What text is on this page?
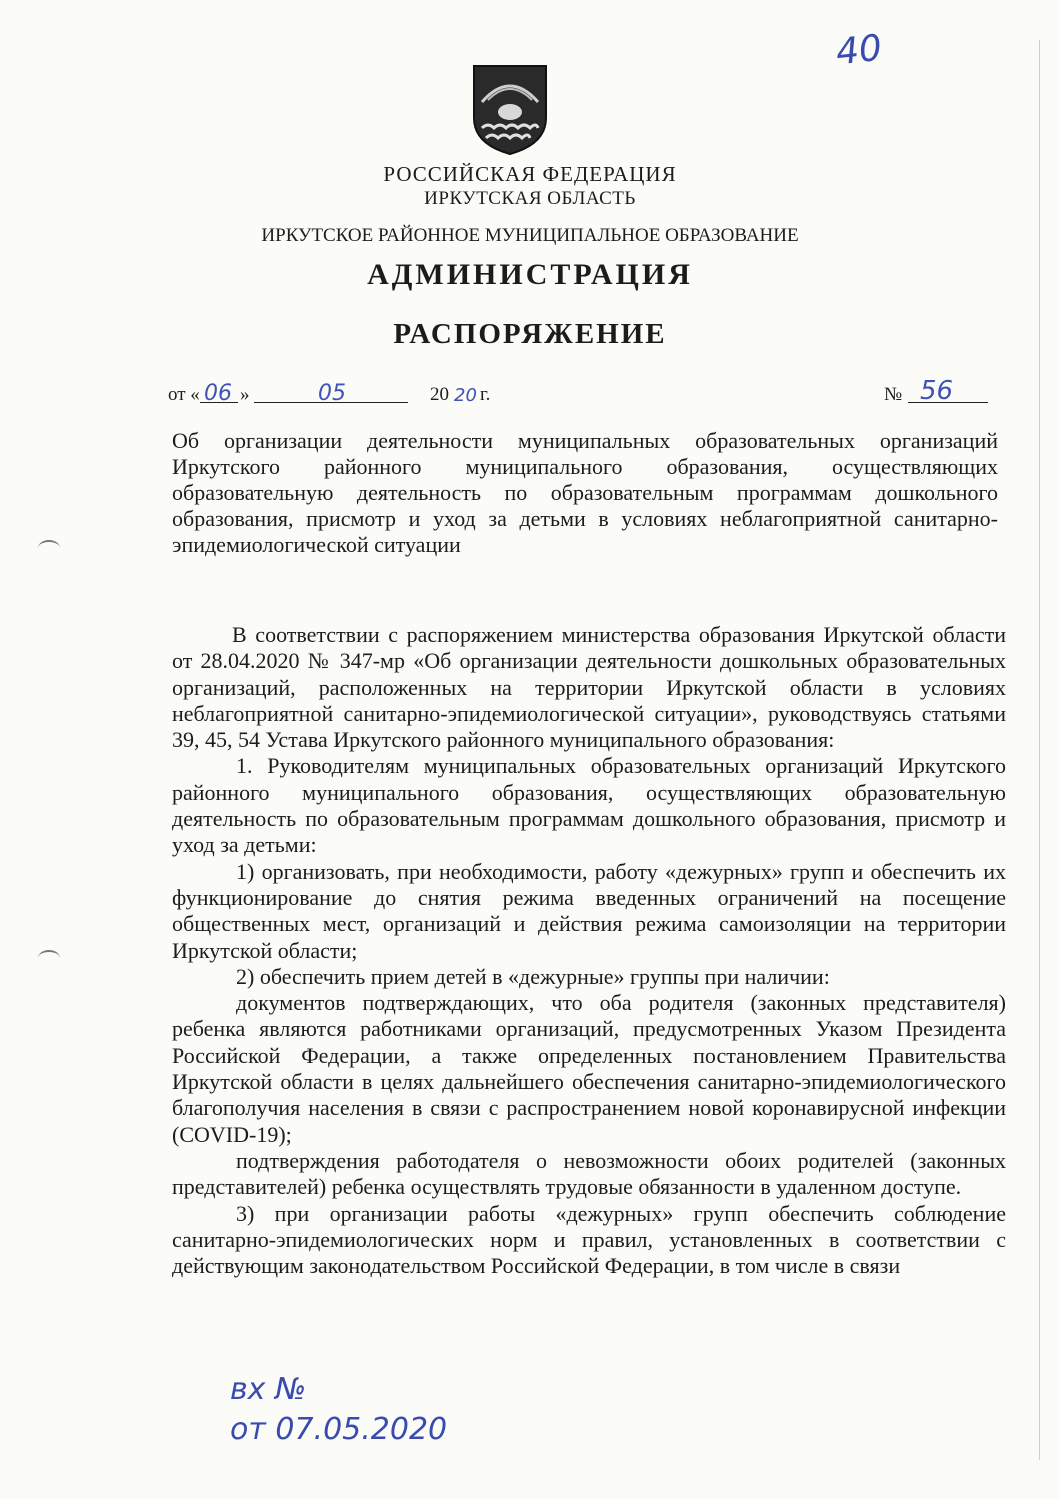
40
РОССИЙСКАЯ ФЕДЕРАЦИЯ
ИРКУТСКАЯ ОБЛАСТЬ
ИРКУТСКОЕ РАЙОННОЕ МУНИЦИПАЛЬНОЕ ОБРАЗОВАНИЕ
АДМИНИСТРАЦИЯ
РАСПОРЯЖЕНИЕ
от « 06 »	05	20 20 г.	№ 56
Об организации деятельности муниципальных образовательных организаций Иркутского районного муниципального образования, осуществляющих образовательную деятельность по образовательным программам дошкольного образования, присмотр и уход за детьми в условиях неблагоприятной санитарно-эпидемиологической ситуации

В соответствии с распоряжением министерства образования Иркутской области от 28.04.2020 № 347-мр «Об организации деятельности дошкольных образовательных организаций, расположенных на территории Иркутской области в условиях неблагоприятной санитарно-эпидемиологической ситуации», руководствуясь статьями 39, 45, 54 Устава Иркутского районного муниципального образования:

1. Руководителям муниципальных образовательных организаций Иркутского районного муниципального образования, осуществляющих образовательную деятельность по образовательным программам дошкольного образования, присмотр и уход за детьми:

1) организовать, при необходимости, работу «дежурных» групп и обеспечить их функционирование до снятия режима введенных ограничений на посещение общественных мест, организаций и действия режима самоизоляции на территории Иркутской области;

2) обеспечить прием детей в «дежурные» группы при наличии:

документов подтверждающих, что оба родителя (законных представителя) ребенка являются работниками организаций, предусмотренных Указом Президента Российской Федерации, а также определенных постановлением Правительства Иркутской области в целях дальнейшего обеспечения санитарно-эпидемиологического благополучия населения в связи с распространением новой коронавирусной инфекции (COVID-19);

подтверждения работодателя о невозможности обоих родителей (законных представителей) ребенка осуществлять трудовые обязанности в удаленном доступе.

3) при организации работы «дежурных» групп обеспечить соблюдение санитарно-эпидемиологических норм и правил, установленных в соответствии с действующим законодательством Российской Федерации, в том числе в связи

вх №
от 07.05.2020
